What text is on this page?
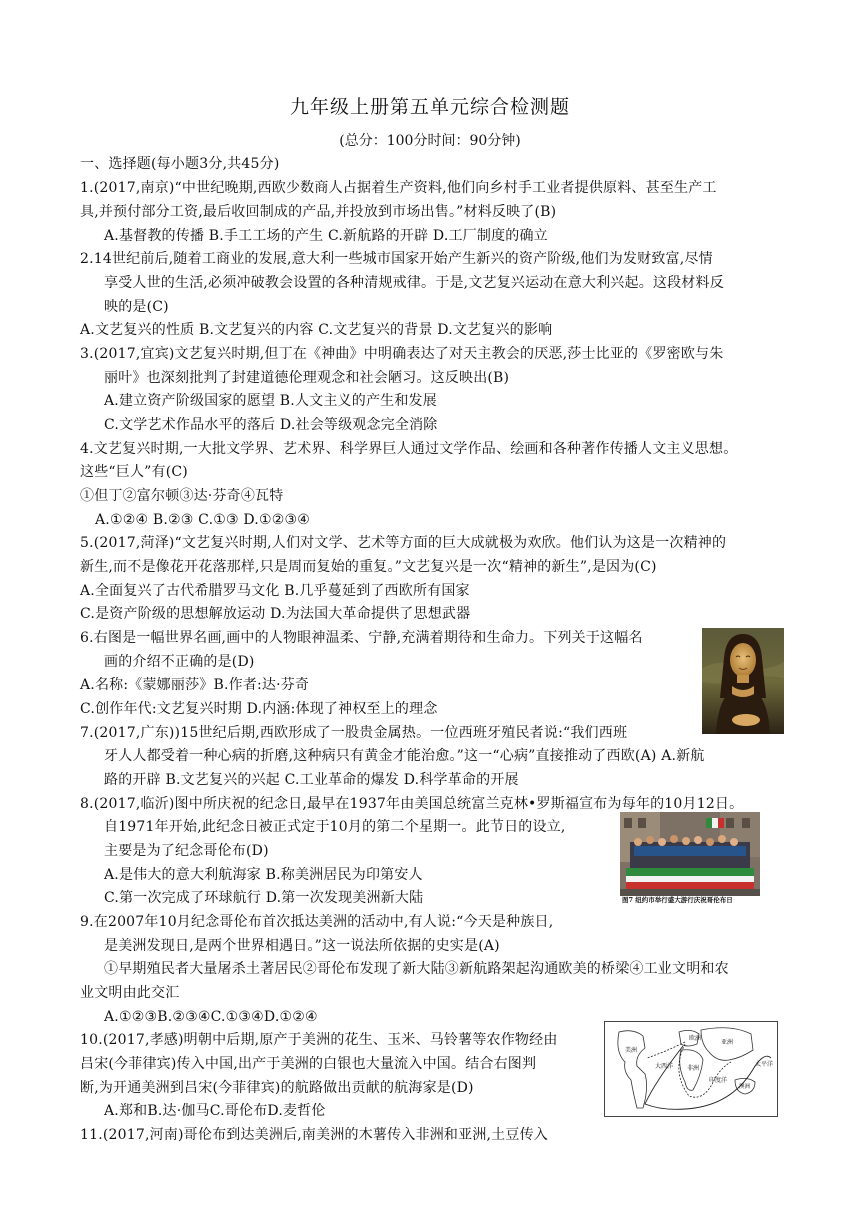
九年级上册第五单元综合检测题
(总分：100分时间：90分钟)
一、选择题(每小题3分,共45分)
1.(2017,南京)“中世纪晚期,西欧少数商人占据着生产资料,他们向乡村手工业者提供原料、甚至生产工
具,并预付部分工资,最后收回制成的产品,并投放到市场出售。”材料反映了(B)
A.基督教的传播 B.手工工场的产生 C.新航路的开辟 D.工厂制度的确立
2.14世纪前后,随着工商业的发展,意大利一些城市国家开始产生新兴的资产阶级,他们为发财致富,尽情
享受人世的生活,必须冲破教会设置的各种清规戒律。于是,文艺复兴运动在意大利兴起。这段材料反
映的是(C)
A.文艺复兴的性质 B.文艺复兴的内容 C.文艺复兴的背景 D.文艺复兴的影响
3.(2017,宜宾)文艺复兴时期,但丁在《神曲》中明确表达了对天主教会的厌恶,莎士比亚的《罗密欧与朱
丽叶》也深刻批判了封建道德伦理观念和社会陋习。这反映出(B)
A.建立资产阶级国家的愿望 B.人文主义的产生和发展
C.文学艺术作品水平的落后 D.社会等级观念完全消除
4.文艺复兴时期,一大批文学界、艺术界、科学界巨人通过文学作品、绘画和各种著作传播人文主义思想。
这些“巨人”有(C)
①但丁②富尔顿③达·芬奇④瓦特
A.①②④ B.②③ C.①③ D.①②③④
5.(2017,菏泽)“文艺复兴时期,人们对文学、艺术等方面的巨大成就极为欢欣。他们认为这是一次精神的
新生,而不是像花开花落那样,只是周而复始的重复。”文艺复兴是一次“精神的新生”,是因为(C)
A.全面复兴了古代希腊罗马文化 B.几乎蔓延到了西欧所有国家
C.是资产阶级的思想解放运动 D.为法国大革命提供了思想武器
6.右图是一幅世界名画,画中的人物眼神温柔、宁静,充满着期待和生命力。下列关于这幅名
画的介绍不正确的是(D)
A.名称:《蒙娜丽莎》B.作者:达·芬奇
C.创作年代:文艺复兴时期 D.内涵:体现了神权至上的理念
7.(2017,广东))15世纪后期,西欧形成了一股贵金属热。一位西班牙殖民者说:“我们西班
牙人人都受着一种心病的折磨,这种病只有黄金才能治愈。”这一“心病”直接推动了西欧(A) A.新航
路的开辟 B.文艺复兴的兴起 C.工业革命的爆发 D.科学革命的开展
8.(2017,临沂)图中所庆祝的纪念日,最早在1937年由美国总统富兰克林•罗斯福宣布为每年的10月12日。
自1971年开始,此纪念日被正式定于10月的第二个星期一。此节日的设立,
主要是为了纪念哥伦布(D)
A.是伟大的意大利航海家 B.称美洲居民为印第安人
C.第一次完成了环球航行 D.第一次发现美洲新大陆
9.在2007年10月纪念哥伦布首次抵达美洲的活动中,有人说:“今天是种族日,
是美洲发现日,是两个世界相遇日。”这一说法所依据的史实是(A)
①早期殖民者大量屠杀土著居民②哥伦布发现了新大陆③新航路架起沟通欧美的桥梁④工业文明和农
业文明由此交汇
A.①②③B.②③④C.①③④D.①②④
10.(2017,孝感)明朝中后期,原产于美洲的花生、玉米、马铃薯等农作物经由
吕宋(今菲律宾)传入中国,出产于美洲的白银也大量流入中国。结合右图判
断,为开通美洲到吕宋(今菲律宾)的航路做出贡献的航海家是(D)
A.郑和B.达·伽马C.哥伦布D.麦哲伦
11.(2017,河南)哥伦布到达美洲后,南美洲的木薯传入非洲和亚洲,土豆传入
图7 纽约市举行盛大游行庆祝哥伦布日
欧洲
亚洲
非洲
美洲
太平洋
印度洋
大西洋
澳洲
